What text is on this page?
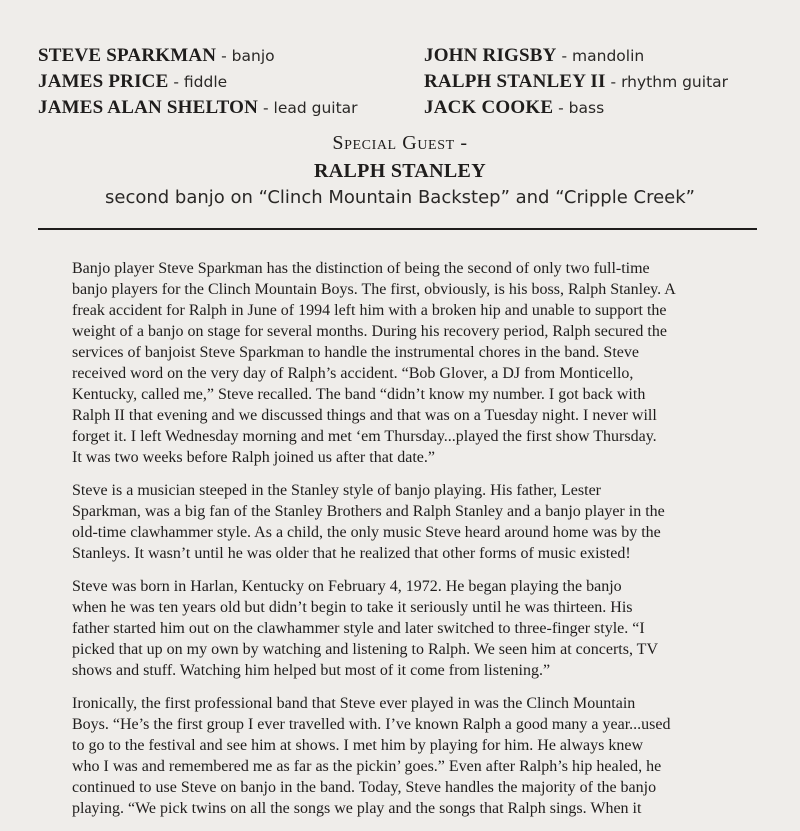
STEVE SPARKMAN - banjo
JAMES PRICE - fiddle
JAMES ALAN SHELTON - lead guitar
JOHN RIGSBY - mandolin
RALPH STANLEY II - rhythm guitar
JACK COOKE - bass
Special Guest -
RALPH STANLEY
second banjo on “Clinch Mountain Backstep” and “Cripple Creek”

Banjo player Steve Sparkman has the distinction of being the second of only two full-time
banjo players for the Clinch Mountain Boys. The first, obviously, is his boss, Ralph Stanley. A
freak accident for Ralph in June of 1994 left him with a broken hip and unable to support the
weight of a banjo on stage for several months. During his recovery period, Ralph secured the
services of banjoist Steve Sparkman to handle the instrumental chores in the band. Steve
received word on the very day of Ralph’s accident. “Bob Glover, a DJ from Monticello,
Kentucky, called me,” Steve recalled. The band “didn’t know my number. I got back with
Ralph II that evening and we discussed things and that was on a Tuesday night. I never will
forget it. I left Wednesday morning and met ‘em Thursday...played the first show Thursday.
It was two weeks before Ralph joined us after that date.”

Steve is a musician steeped in the Stanley style of banjo playing. His father, Lester
Sparkman, was a big fan of the Stanley Brothers and Ralph Stanley and a banjo player in the
old-time clawhammer style. As a child, the only music Steve heard around home was by the
Stanleys. It wasn’t until he was older that he realized that other forms of music existed!

Steve was born in Harlan, Kentucky on February 4, 1972. He began playing the banjo
when he was ten years old but didn’t begin to take it seriously until he was thirteen. His
father started him out on the clawhammer style and later switched to three-finger style. “I
picked that up on my own by watching and listening to Ralph. We seen him at concerts, TV
shows and stuff. Watching him helped but most of it come from listening.”

Ironically, the first professional band that Steve ever played in was the Clinch Mountain
Boys. “He’s the first group I ever travelled with. I’ve known Ralph a good many a year...used
to go to the festival and see him at shows. I met him by playing for him. He always knew
who I was and remembered me as far as the pickin’ goes.” Even after Ralph’s hip healed, he
continued to use Steve on banjo in the band. Today, Steve handles the majority of the banjo
playing. “We pick twins on all the songs we play and the songs that Ralph sings. When it
